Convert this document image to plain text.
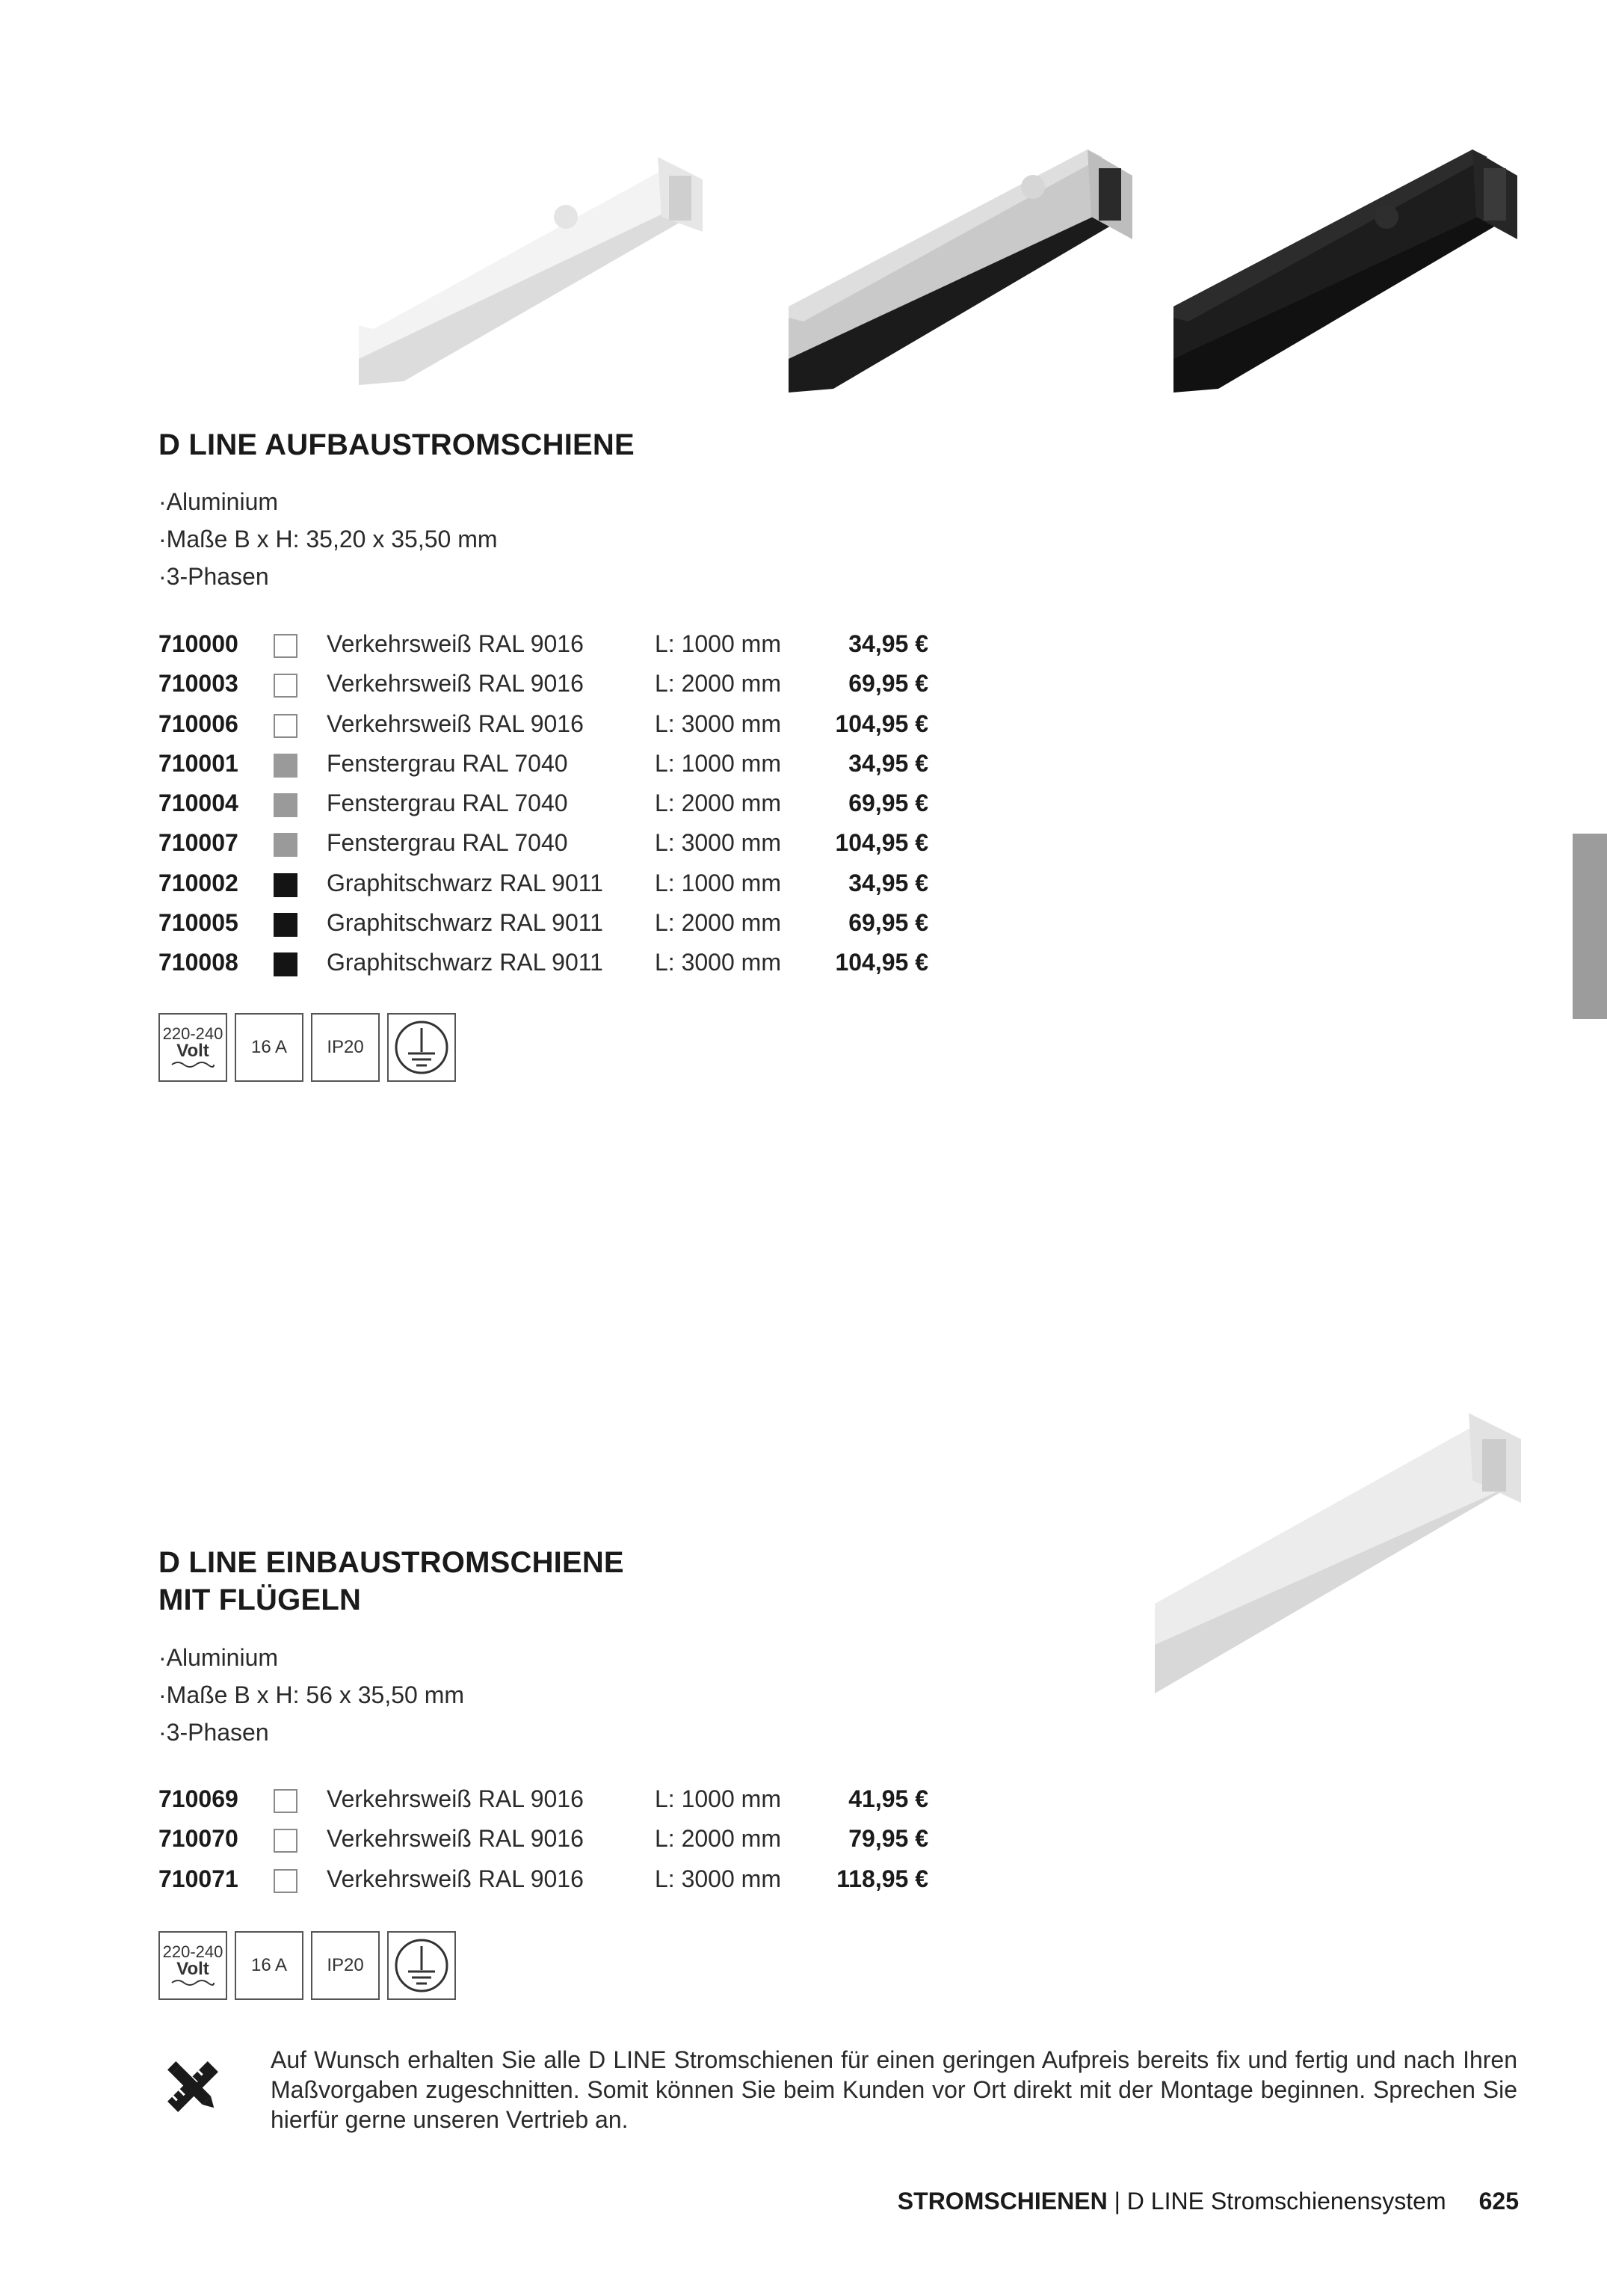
D LINE AUFBAUSTROMSCHIENE
· Aluminium
· Maße B x H: 35,20 x 35,50 mm
· 3-Phasen
710000	Verkehrsweiß RAL 9016	L: 1000 mm	34,95 €
710003	Verkehrsweiß RAL 9016	L: 2000 mm	69,95 €
710006	Verkehrsweiß RAL 9016	L: 3000 mm 104,95 €
710001	Fenstergrau RAL 7040	L: 1000 mm	34,95 €
710004	Fenstergrau RAL 7040	L: 2000 mm	69,95 €
710007	Fenstergrau RAL 7040	L: 3000 mm 104,95 €
710002	Graphitschwarz RAL 9011 L: 1000 mm	34,95 €
710005	Graphitschwarz RAL 9011 L: 2000 mm	69,95 €
710008	Graphitschwarz RAL 9011 L: 3000 mm 104,95 €
220-240
Volt	16 A	IP20
D LINE EINBAUSTROMSCHIENE
MIT FLÜGELN
· Aluminium
· Maße B x H: 56 x 35,50 mm
· 3-Phasen
710069	Verkehrsweiß RAL 9016	L: 1000 mm	41,95 €
710070	Verkehrsweiß RAL 9016	L: 2000 mm	79,95 €
710071	Verkehrsweiß RAL 9016	L: 3000 mm 118,95 €
220-240
Volt	16 A	IP20
Auf Wunsch erhalten Sie alle D LINE Stromschienen für einen geringen Aufpreis bereits fix und fertig und nach Ihren Maßvorgaben zugeschnitten. Somit können Sie beim Kunden vor Ort direkt mit der Montage beginnen. Sprechen Sie hierfür gerne unseren Vertrieb an.
STROMSCHIENEN | D LINE Stromschienensystem 625
